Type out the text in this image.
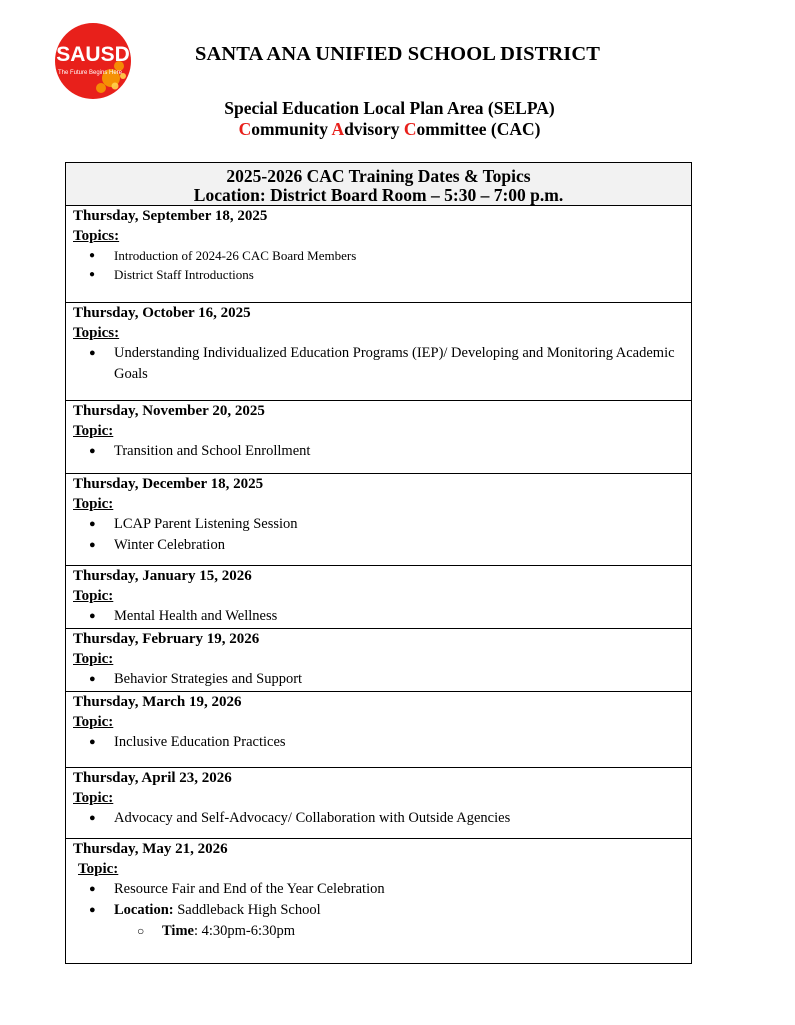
SAUSD
The Future Begins Here
SANTA ANA UNIFIED SCHOOL DISTRICT

Special Education Local Plan Area (SELPA)

Community Advisory Committee (CAC)

2025-2026 CAC Training Dates & Topics
Location: District Board Room – 5:30 – 7:00 p.m.
Thursday, September 18, 2025
Topics:
● Introduction of 2024-26 CAC Board Members
● District Staff Introductions
Thursday, October 16, 2025
Topics:
● Understanding Individualized Education Programs (IEP)/ Developing and Monitoring Academic Goals
Thursday, November 20, 2025
Topic:
● Transition and School Enrollment
Thursday, December 18, 2025
Topic:
● LCAP Parent Listening Session
● Winter Celebration
Thursday, January 15, 2026
Topic:
● Mental Health and Wellness
Thursday, February 19, 2026
Topic:
● Behavior Strategies and Support
Thursday, March 19, 2026
Topic:
● Inclusive Education Practices
Thursday, April 23, 2026
Topic:
● Advocacy and Self-Advocacy/ Collaboration with Outside Agencies
Thursday, May 21, 2026
Topic:
● Resource Fair and End of the Year Celebration
● Location: Saddleback High School
○ Time: 4:30pm-6:30pm
